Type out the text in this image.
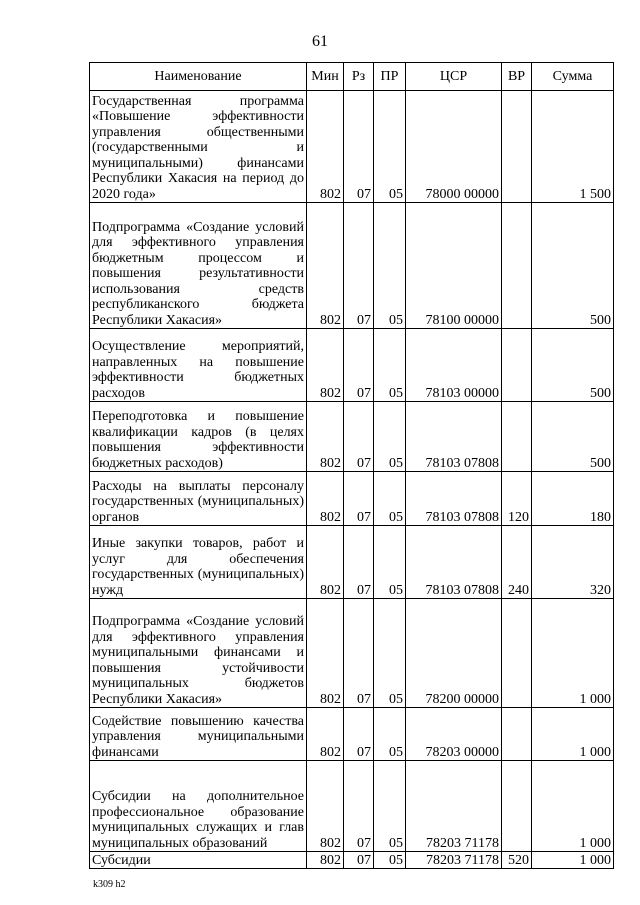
61
Наименование	Мин	Рз	ПР	ЦСР	ВР	Сумма
Государственная программа «Повышение эффективности управления общественными (государственными и муниципальными) финансами Республики Хакасия на период до 2020 года»	802	07	05	78000 00000		1 500
Подпрограмма «Создание условий для эффективного управления бюджетным процессом и повышения результативности использования средств республиканского бюджета Республики Хакасия»	802	07	05	78100 00000		500
Осуществление мероприятий, направленных на повышение эффективности бюджетных расходов	802	07	05	78103 00000		500
Переподготовка и повышение квалификации кадров (в целях повышения эффективности бюджетных расходов)	802	07	05	78103 07808		500
Расходы на выплаты персоналу государственных (муниципальных) органов	802	07	05	78103 07808	120	180
Иные закупки товаров, работ и услуг для обеспечения государственных (муниципальных) нужд	802	07	05	78103 07808	240	320
Подпрограмма «Создание условий для эффективного управления муниципальными финансами и повышения устойчивости муниципальных бюджетов Республики Хакасия»	802	07	05	78200 00000		1 000
Содействие повышению качества управления муниципальными финансами	802	07	05	78203 00000		1 000
Субсидии на дополнительное профессиональное образование муниципальных служащих и глав муниципальных образований	802	07	05	78203 71178		1 000
Субсидии	802	07	05	78203 71178	520	1 000
k309 h2
